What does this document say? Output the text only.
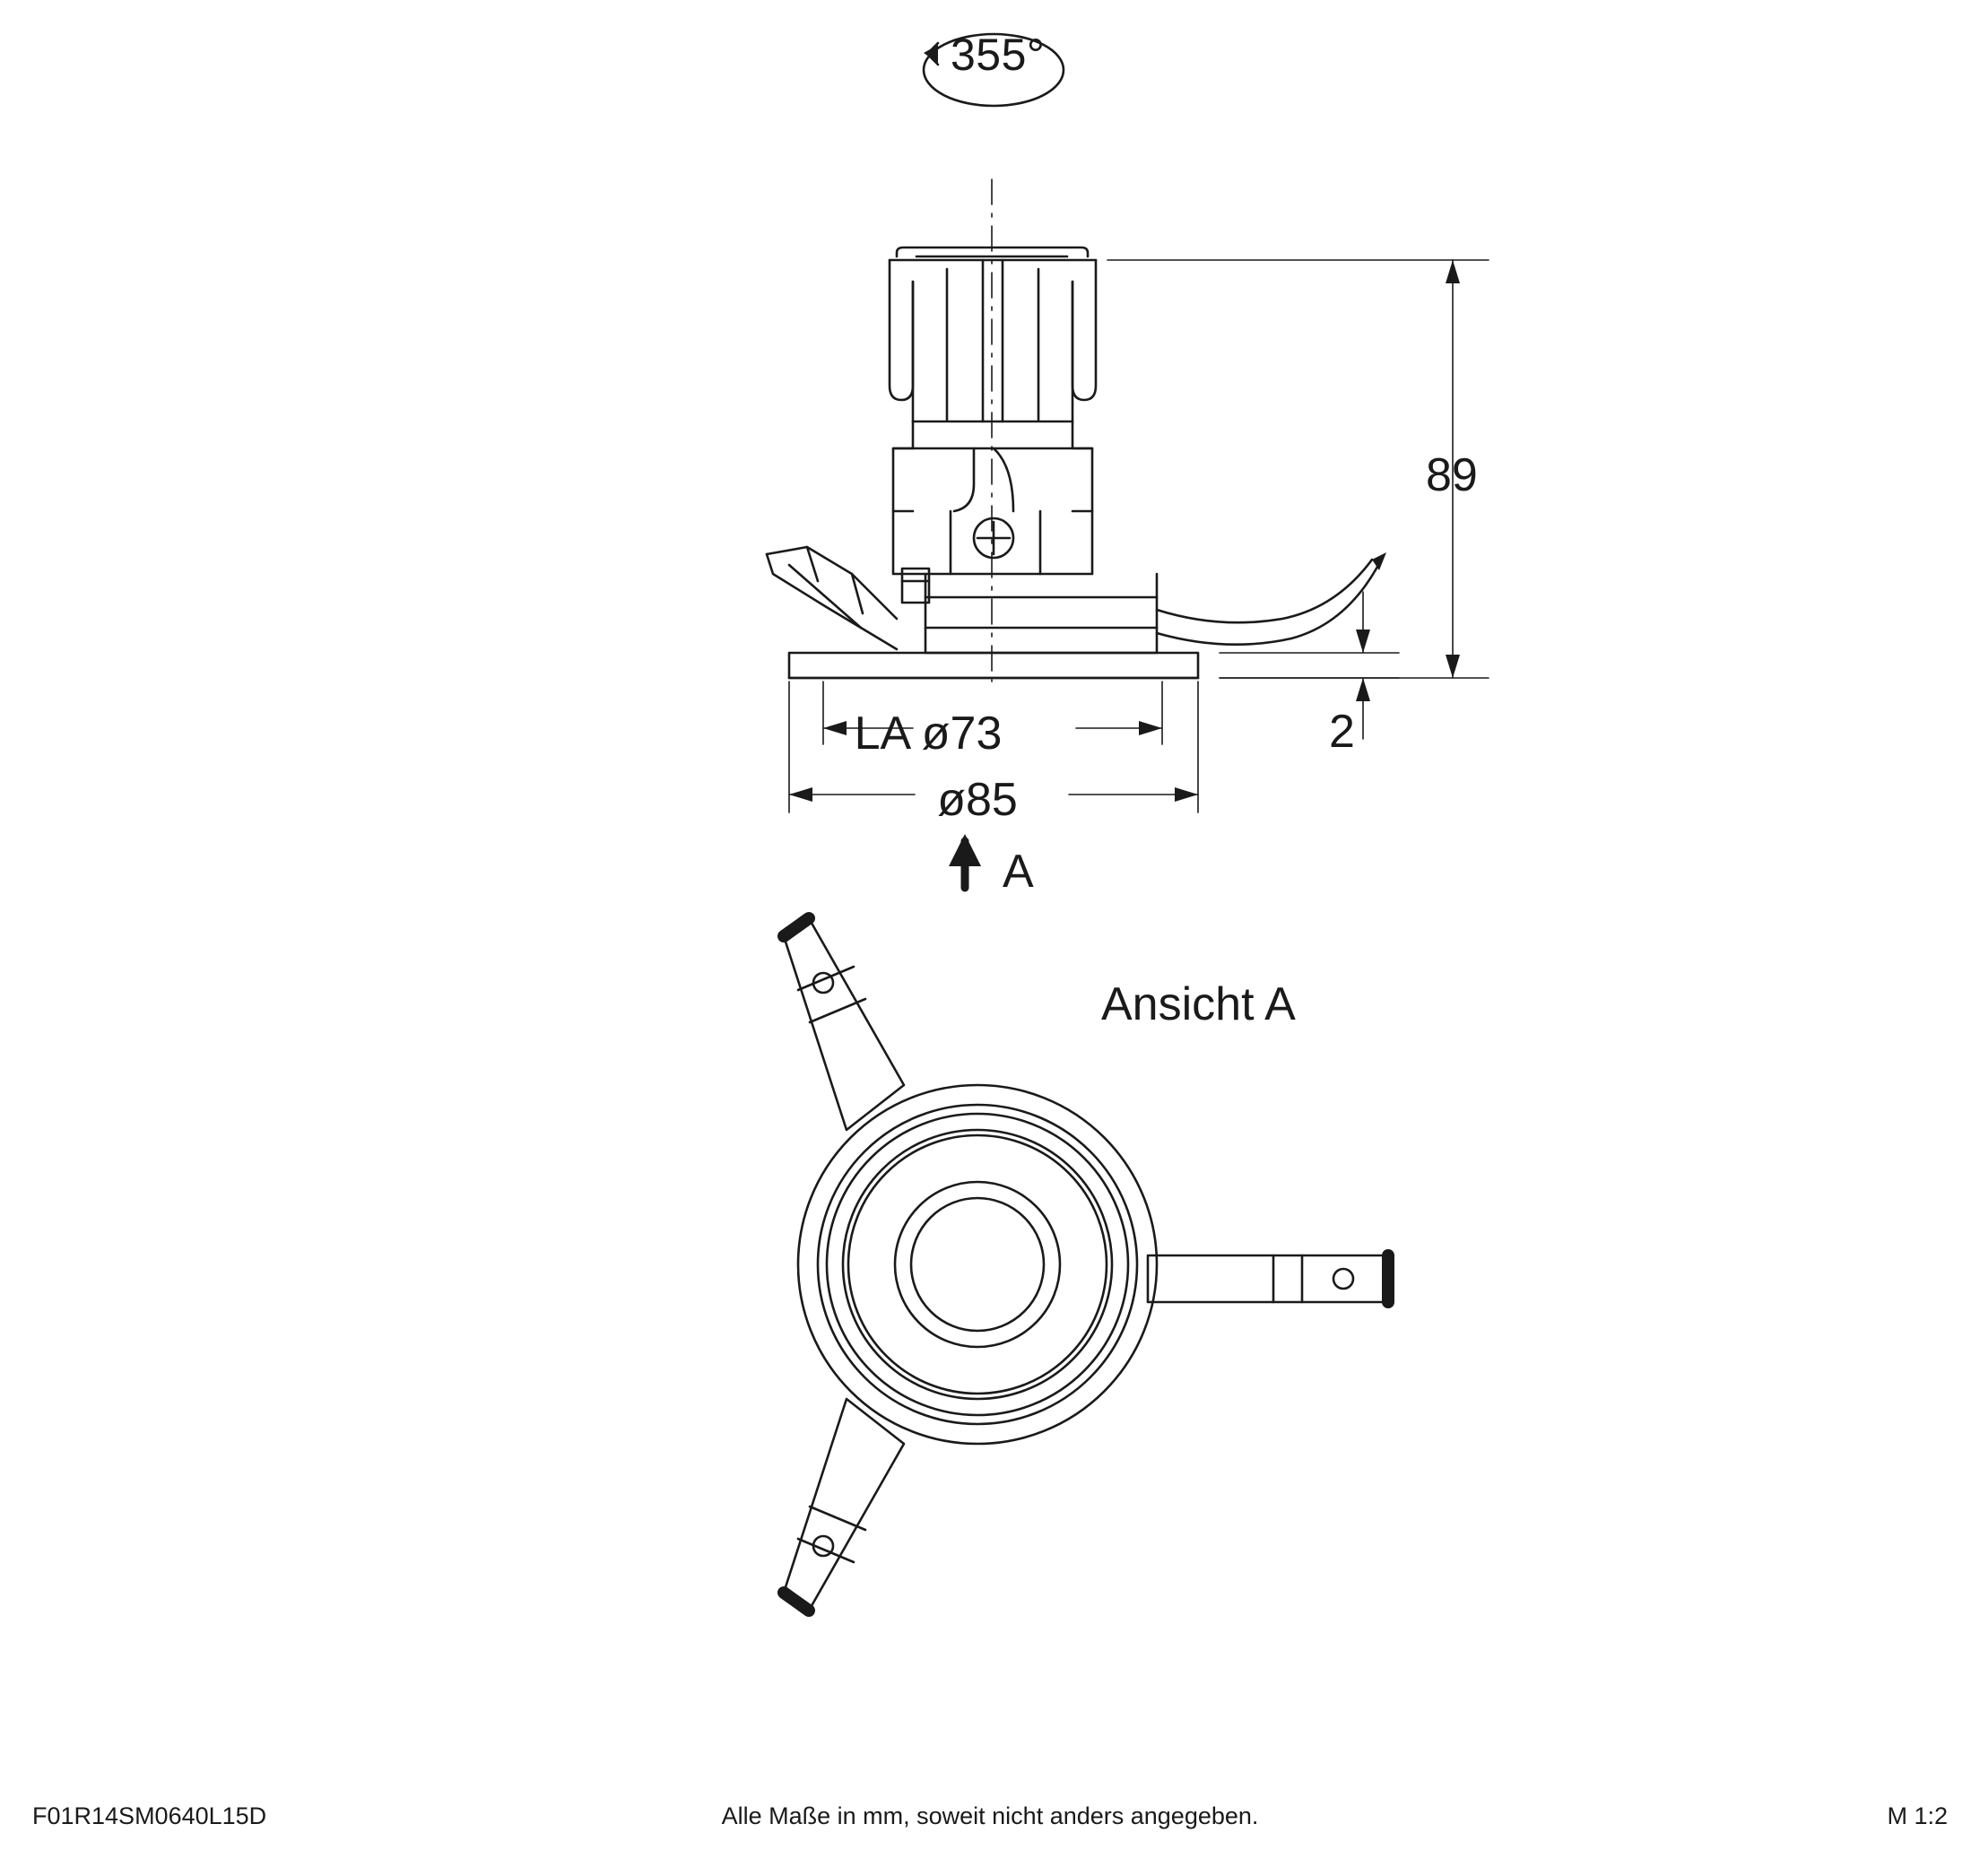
355°
89
2
LA ø73
ø85
A
Ansicht A
F01R14SM0640L15D	Alle Maße in mm, soweit nicht anders angegeben.	M 1:2
